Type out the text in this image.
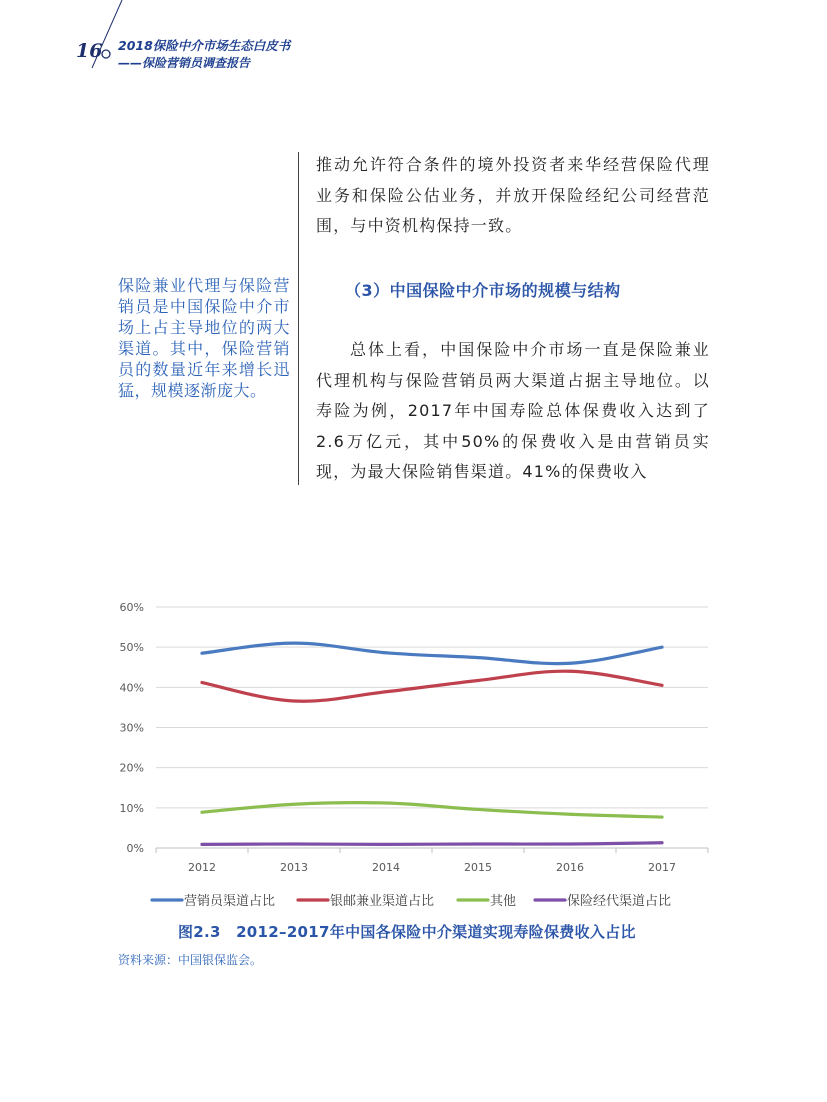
16 2018保险中介市场生态白皮书
——保险营销员调查报告
保险兼业代理与保险营销员是中国保险中介市场上占主导地位的两大渠道。其中，保险营销员的数量近年来增长迅猛，规模逐渐庞大。
推动允许符合条件的境外投资者来华经营保险代理业务和保险公估业务，并放开保险经纪公司经营范围，与中资机构保持一致。
（3）中国保险中介市场的规模与结构
总体上看，中国保险中介市场一直是保险兼业代理机构与保险营销员两大渠道占据主导地位。以寿险为例，2017年中国寿险总体保费收入达到了2.6万亿元，其中50%的保费收入是由营销员实现，为最大保险销售渠道。41%的保费收入
0%
10%
20%
30%
40%
50%
60%
2012	2013	2014	2015	2016	2017
营销员渠道占比	银邮兼业渠道占比	其他	保险经代渠道占比
图2.3　2012–2017年中国各保险中介渠道实现寿险保费收入占比
资料来源：中国银保监会。
